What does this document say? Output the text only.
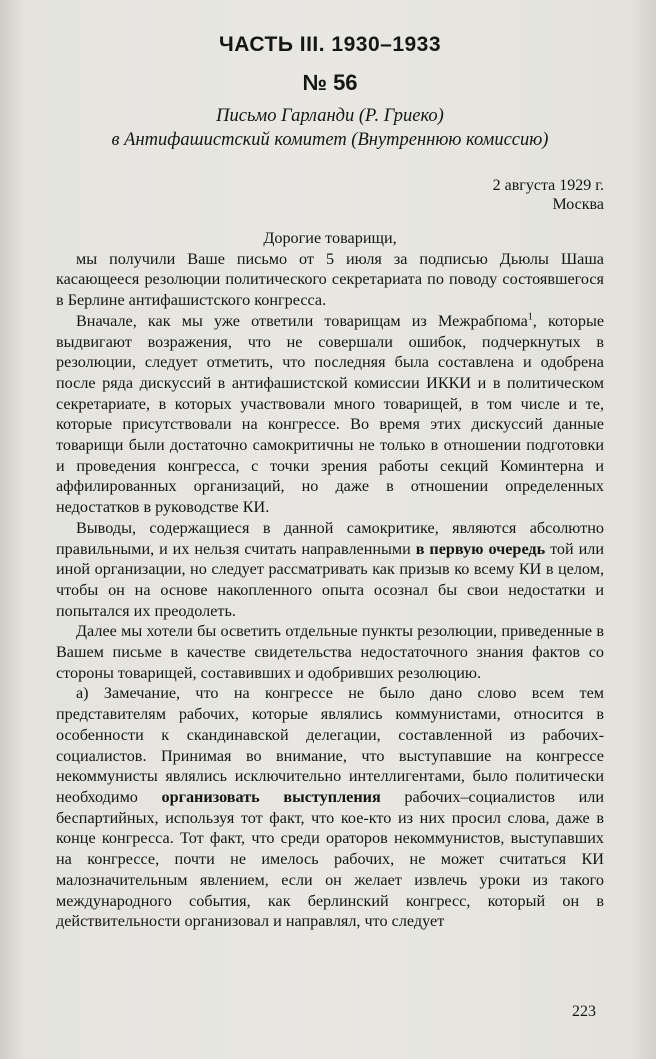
ЧАСТЬ III. 1930–1933
№ 56
Письмо Гарланди (Р. Гриеко)
в Антифашистский комитет (Внутреннюю комиссию)
2 августа 1929 г.
Москва

Дорогие товарищи,

мы получили Ваше письмо от 5 июля за подписью Дьюлы Шаша касающееся резолюции политического секретариата по поводу состоявшегося в Берлине антифашистского конгресса.

Вначале, как мы уже ответили товарищам из Межрабпома$^1$, которые выдвигают возражения, что не совершали ошибок, подчеркнутых в резолюции, следует отметить, что последняя была составлена и одобрена после ряда дискуссий в антифашистской комиссии ИККИ и в политическом секретариате, в которых участвовали много товарищей, в том числе и те, которые присутствовали на конгрессе. Во время этих дискуссий данные товарищи были достаточно самокритичны не только в отношении подготовки и проведения конгресса, с точки зрения работы секций Коминтерна и аффилированных организаций, но даже в отношении определенных недостатков в руководстве КИ.

Выводы, содержащиеся в данной самокритике, являются абсолютно правильными, и их нельзя считать направленными в первую очередь той или иной организации, но следует рассматривать как призыв ко всему КИ в целом, чтобы он на основе накопленного опыта осознал бы свои недостатки и попытался их преодолеть.

Далее мы хотели бы осветить отдельные пункты резолюции, приведенные в Вашем письме в качестве свидетельства недостаточного знания фактов со стороны товарищей, составивших и одобривших резолюцию.

а) Замечание, что на конгрессе не было дано слово всем тем представителям рабочих, которые являлись коммунистами, относится в особенности к скандинавской делегации, составленной из рабочих-социалистов. Принимая во внимание, что выступавшие на конгрессе некоммунисты являлись исключительно интеллигентами, было политически необходимо организовать выступления рабочих–социалистов или беспартийных, используя тот факт, что кое-кто из них просил слова, даже в конце конгресса. Тот факт, что среди ораторов некоммунистов, выступавших на конгрессе, почти не имелось рабочих, не может считаться КИ малозначительным явлением, если он желает извлечь уроки из такого международного события, как берлинский конгресс, который он в действительности организовал и направлял, что следует

223
